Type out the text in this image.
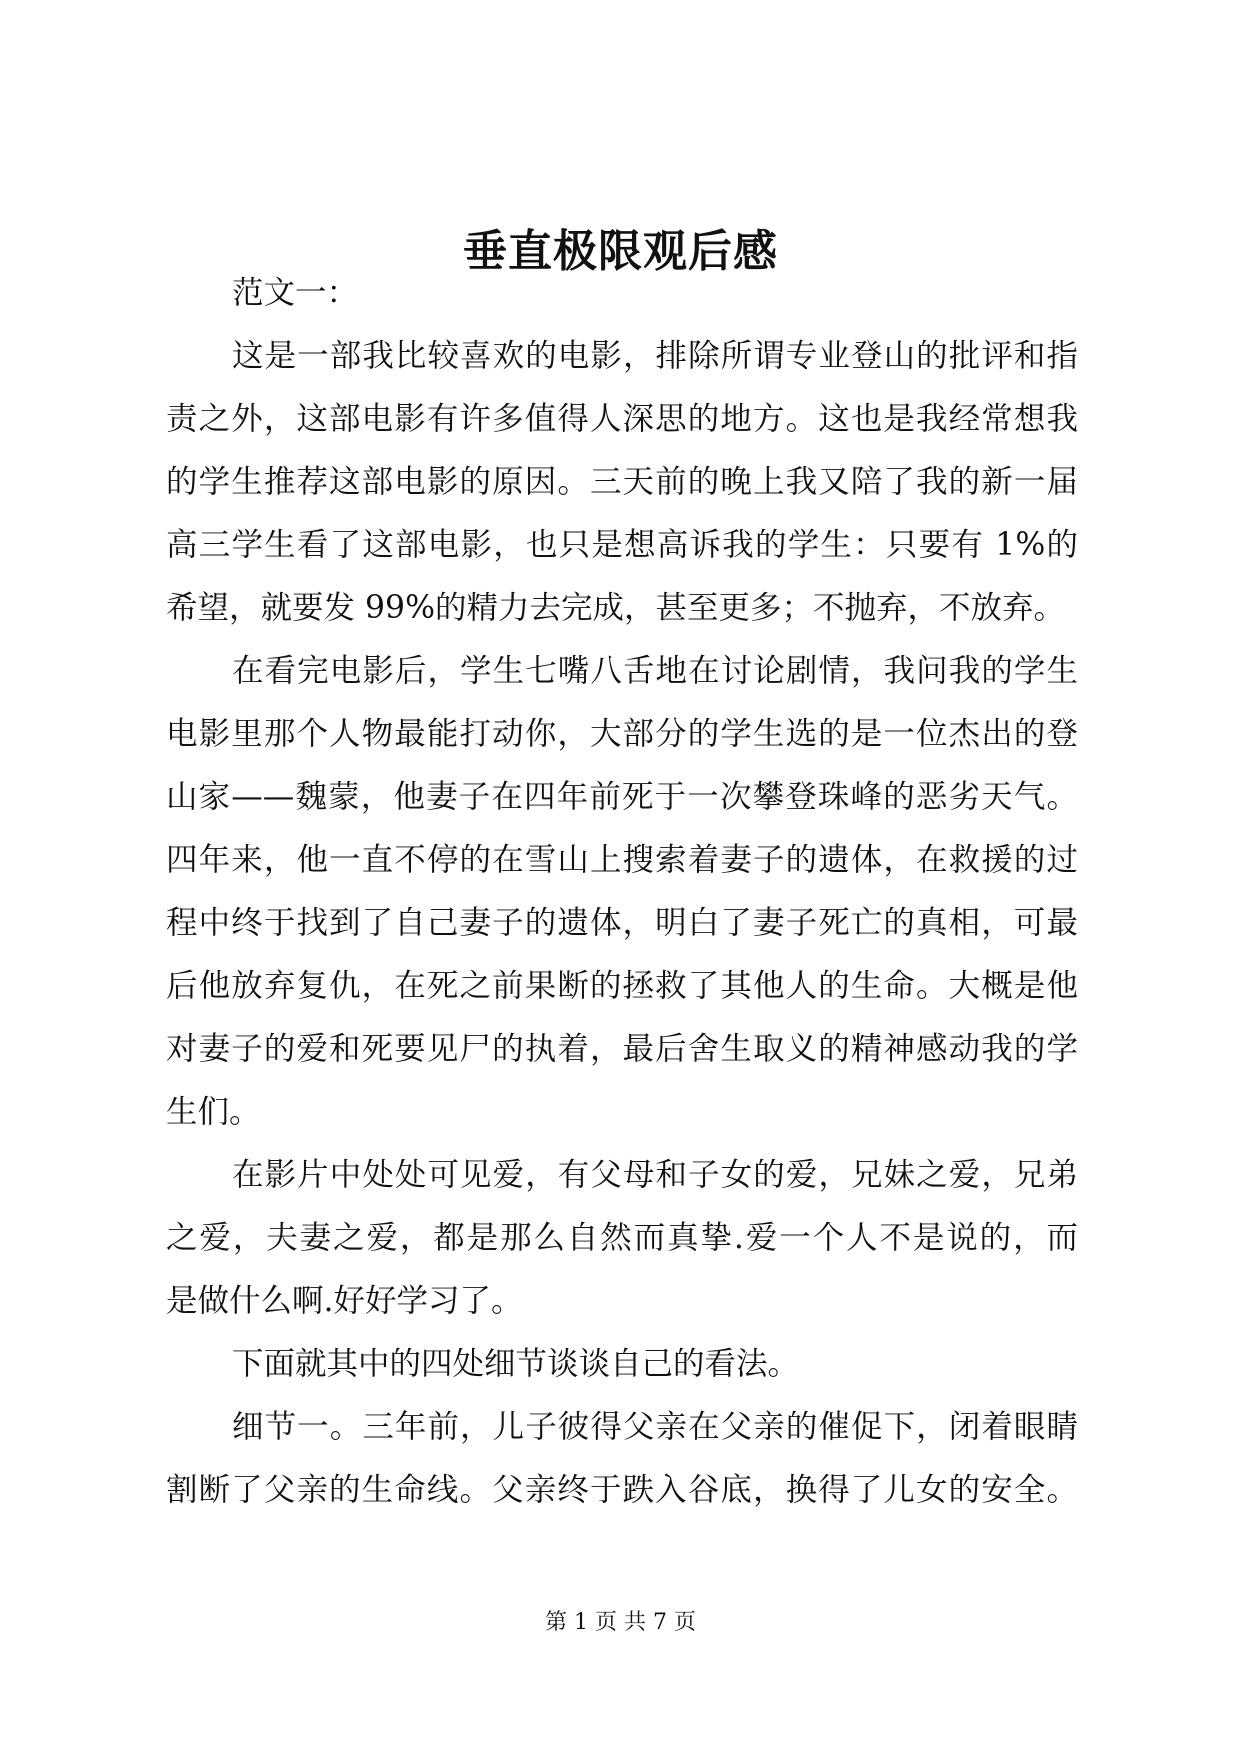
垂直极限观后感
范文一：
这是一部我比较喜欢的电影，排除所谓专业登山的批评和指
责之外，这部电影有许多值得人深思的地方。这也是我经常想我
的学生推荐这部电影的原因。三天前的晚上我又陪了我的新一届
高三学生看了这部电影，也只是想高诉我的学生：只要有 1%的
希望，就要发 99%的精力去完成，甚至更多；不抛弃，不放弃。
在看完电影后，学生七嘴八舌地在讨论剧情，我问我的学生
电影里那个人物最能打动你，大部分的学生选的是一位杰出的登
山家——魏蒙，他妻子在四年前死于一次攀登珠峰的恶劣天气。
四年来，他一直不停的在雪山上搜索着妻子的遗体，在救援的过
程中终于找到了自己妻子的遗体，明白了妻子死亡的真相，可最
后他放弃复仇，在死之前果断的拯救了其他人的生命。大概是他
对妻子的爱和死要见尸的执着，最后舍生取义的精神感动我的学
生们。
在影片中处处可见爱，有父母和子女的爱，兄妹之爱，兄弟
之爱，夫妻之爱，都是那么自然而真挚.爱一个人不是说的，而
是做什么啊.好好学习了。
下面就其中的四处细节谈谈自己的看法。
细节一。三年前，儿子彼得父亲在父亲的催促下，闭着眼睛
割断了父亲的生命线。父亲终于跌入谷底，换得了儿女的安全。
第 1 页 共 7 页
